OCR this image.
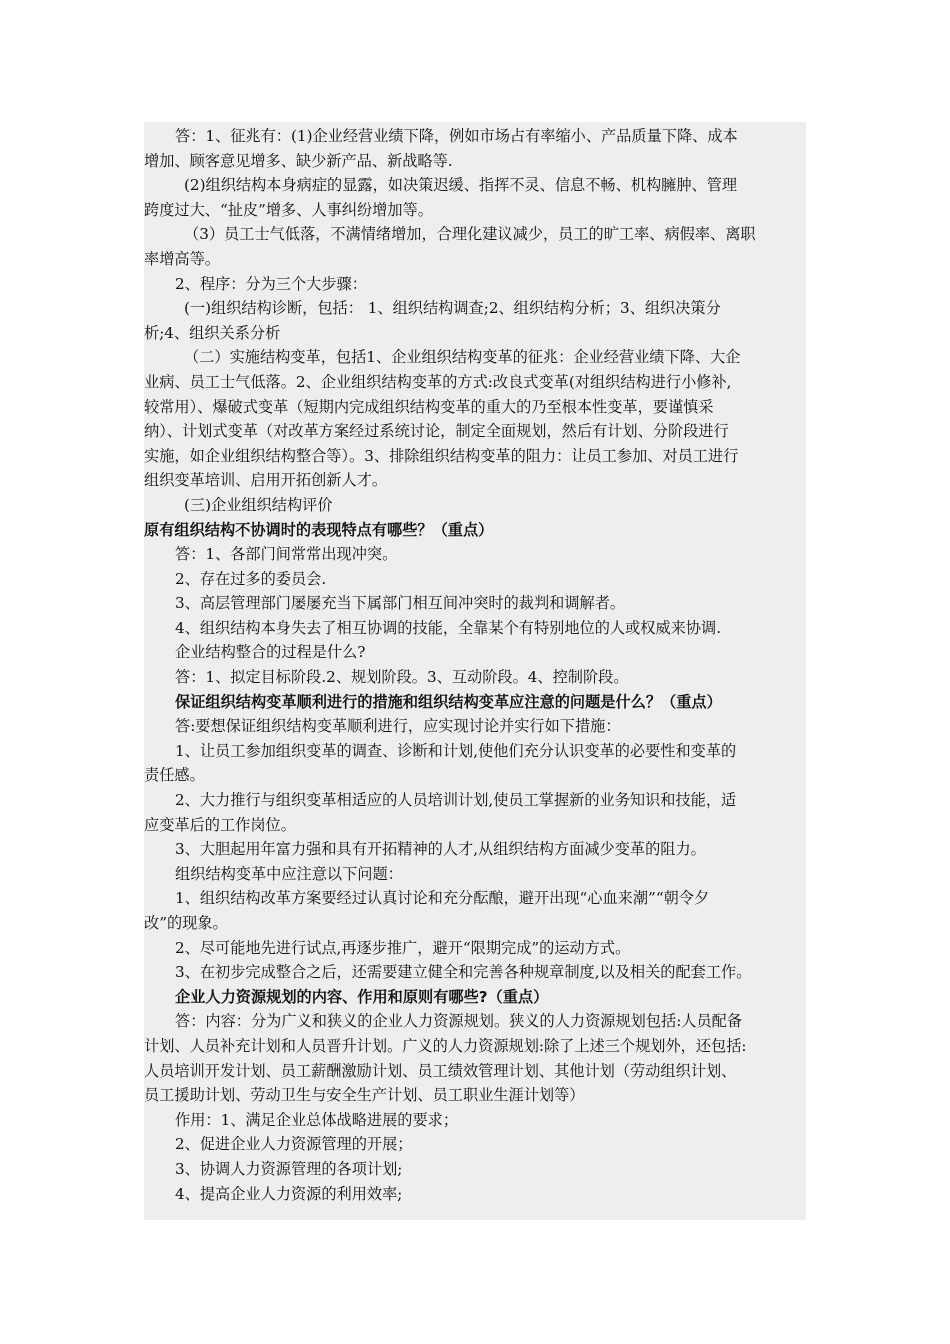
答：1、征兆有：(1)企业经营业绩下降，例如市场占有率缩小、产品质量下降、成本
增加、顾客意见增多、缺少新产品、新战略等.
(2)组织结构本身病症的显露，如决策迟缓、指挥不灵、信息不畅、机构臃肿、管理
跨度过大、“扯皮”增多、人事纠纷增加等。
（3）员工士气低落，不满情绪增加，合理化建议减少，员工的旷工率、病假率、离职
率增高等。
2、程序：分为三个大步骤：
(一)组织结构诊断，包括： 1、组织结构调查;2、组织结构分析；3、组织决策分
析;4、组织关系分析
（二）实施结构变革，包括1、企业组织结构变革的征兆：企业经营业绩下降、大企
业病、员工士气低落。2、企业组织结构变革的方式:改良式变革(对组织结构进行小修补,
较常用）、爆破式变革（短期内完成组织结构变革的重大的乃至根本性变革，要谨慎采
纳）、计划式变革（对改革方案经过系统讨论，制定全面规划，然后有计划、分阶段进行
实施，如企业组织结构整合等）。3、排除组织结构变革的阻力：让员工参加、对员工进行
组织变革培训、启用开拓创新人才。
(三)企业组织结构评价
原有组织结构不协调时的表现特点有哪些？（重点）
答：1、各部门间常常出现冲突。
2、存在过多的委员会.
3、高层管理部门屡屡充当下属部门相互间冲突时的裁判和调解者。
4、组织结构本身失去了相互协调的技能，全靠某个有特别地位的人或权威来协调.
企业结构整合的过程是什么?
答：1、拟定目标阶段.2、规划阶段。3、互动阶段。4、控制阶段。
保证组织结构变革顺利进行的措施和组织结构变革应注意的问题是什么？（重点）
答:要想保证组织结构变革顺利进行，应实现讨论并实行如下措施：
1、让员工参加组织变革的调查、诊断和计划,使他们充分认识变革的必要性和变革的
责任感。
2、大力推行与组织变革相适应的人员培训计划,使员工掌握新的业务知识和技能，适
应变革后的工作岗位。
3、大胆起用年富力强和具有开拓精神的人才,从组织结构方面减少变革的阻力。
组织结构变革中应注意以下问题：
1、组织结构改革方案要经过认真讨论和充分酝酿，避开出现“心血来潮”“朝令夕
改”的现象。
2、尽可能地先进行试点,再逐步推广，避开“限期完成”的运动方式。
3、在初步完成整合之后，还需要建立健全和完善各种规章制度,以及相关的配套工作。
企业人力资源规划的内容、作用和原则有哪些?（重点）
答：内容：分为广义和狭义的企业人力资源规划。狭义的人力资源规划包括:人员配备
计划、人员补充计划和人员晋升计划。广义的人力资源规划:除了上述三个规划外，还包括:
人员培训开发计划、员工薪酬激励计划、员工绩效管理计划、其他计划（劳动组织计划、
员工援助计划、劳动卫生与安全生产计划、员工职业生涯计划等）
作用：1、满足企业总体战略进展的要求；
2、促进企业人力资源管理的开展；
3、协调人力资源管理的各项计划;
4、提高企业人力资源的利用效率;
